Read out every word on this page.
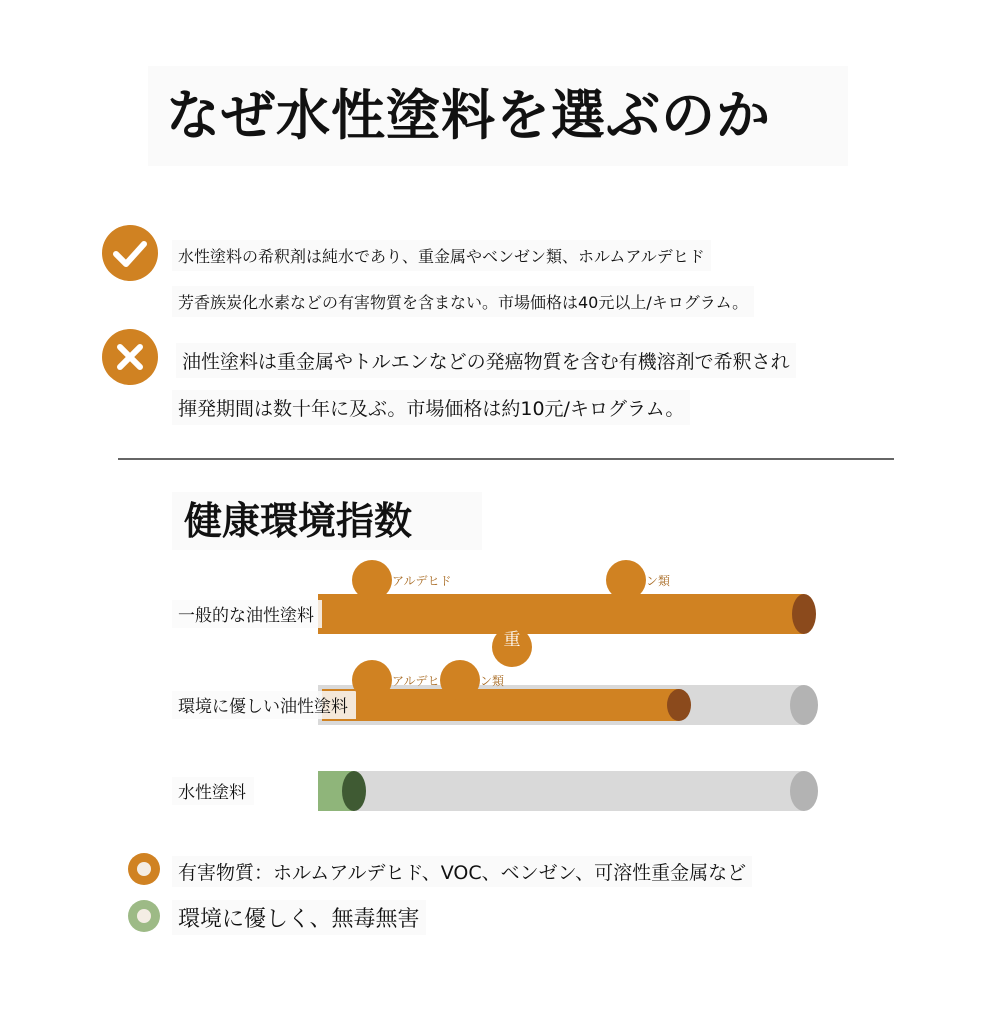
なぜ水性塗料を選ぶのか
水性塗料の希釈剤は純水であり、重金属やベンゼン類、ホルムアルデヒド
芳香族炭化水素などの有害物質を含まない。市場価格は40元以上/キログラム。
油性塗料は重金属やトルエンなどの発癌物質を含む有機溶剤で希釈され
揮発期間は数十年に及ぶ。市場価格は約10元/キログラム。
健康環境指数
一般的な油性塗料
環境に優しい油性塗料
水性塗料
アルデヒド	ン類
重
アルデヒ	ン類
有害物質：ホルムアルデヒド、VOC、ベンゼン、可溶性重金属など
環境に優しく、無毒無害
